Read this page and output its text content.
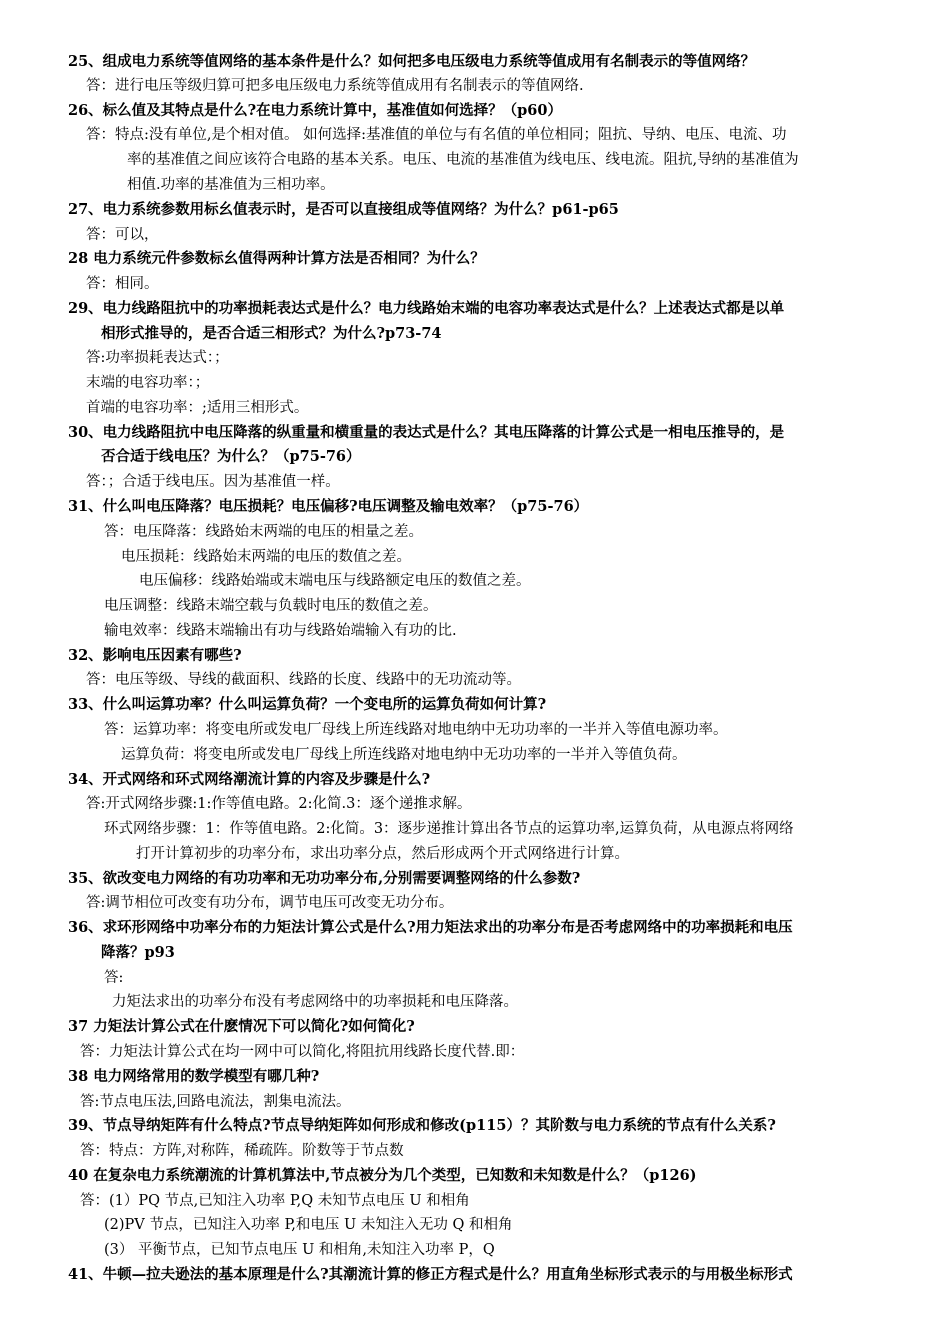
25、组成电力系统等值网络的基本条件是什么？如何把多电压级电力系统等值成用有名制表示的等值网络？
答：进行电压等级归算可把多电压级电力系统等值成用有名制表示的等值网络.
26、标么值及其特点是什么?在电力系统计算中，基准值如何选择？（p60）
答：特点:没有单位,是个相对值。 如何选择:基准值的单位与有名值的单位相同；阻抗、导纳、电压、电流、功
率的基准值之间应该符合电路的基本关系。电压、电流的基准值为线电压、线电流。阻抗,导纳的基准值为
相值.功率的基准值为三相功率。
27、电力系统参数用标幺值表示时，是否可以直接组成等值网络？为什么？p61-p65
答：可以，
28 电力系统元件参数标幺值得两种计算方法是否相同？为什么？
答：相同。
29、电力线路阻抗中的功率损耗表达式是什么？电力线路始末端的电容功率表达式是什么？上述表达式都是以单
相形式推导的，是否合适三相形式？为什么?p73-74
答:功率损耗表达式：；
末端的电容功率：；
首端的电容功率：;适用三相形式。
30、电力线路阻抗中电压降落的纵重量和横重量的表达式是什么？其电压降落的计算公式是一相电压推导的，是
否合适于线电压？为什么？（p75-76）
答：；合适于线电压。因为基准值一样。
31、什么叫电压降落？电压损耗？电压偏移?电压调整及输电效率？（p75-76）
答：电压降落：线路始末两端的电压的相量之差。
电压损耗：线路始末两端的电压的数值之差。
电压偏移：线路始端或末端电压与线路额定电压的数值之差。
电压调整：线路末端空载与负载时电压的数值之差。
输电效率：线路末端输出有功与线路始端输入有功的比.
32、影响电压因素有哪些?
答：电压等级、导线的截面积、线路的长度、线路中的无功流动等。
33、什么叫运算功率？什么叫运算负荷？一个变电所的运算负荷如何计算?
答：运算功率：将变电所或发电厂母线上所连线路对地电纳中无功功率的一半并入等值电源功率。
运算负荷：将变电所或发电厂母线上所连线路对地电纳中无功功率的一半并入等值负荷。
34、开式网络和环式网络潮流计算的内容及步骤是什么?
答:开式网络步骤:1:作等值电路。2:化简.3：逐个递推求解。
环式网络步骤：1：作等值电路。2:化简。3：逐步递推计算出各节点的运算功率,运算负荷，从电源点将网络
打开计算初步的功率分布，求出功率分点，然后形成两个开式网络进行计算。
35、欲改变电力网络的有功功率和无功功率分布,分别需要调整网络的什么参数?
答:调节相位可改变有功分布，调节电压可改变无功分布。
36、求环形网络中功率分布的力矩法计算公式是什么?用力矩法求出的功率分布是否考虑网络中的功率损耗和电压
降落？p93
答:
力矩法求出的功率分布没有考虑网络中的功率损耗和电压降落。
37 力矩法计算公式在什麽情况下可以简化?如何简化?
答：力矩法计算公式在均一网中可以简化,将阻抗用线路长度代替.即：
38 电力网络常用的数学模型有哪几种?
答:节点电压法,回路电流法，割集电流法。
39、节点导纳矩阵有什么特点?节点导纳矩阵如何形成和修改(p115）？其阶数与电力系统的节点有什么关系?
答：特点：方阵,对称阵，稀疏阵。阶数等于节点数
40 在复杂电力系统潮流的计算机算法中,节点被分为几个类型，已知数和未知数是什么？（p126)
答：(1）PQ 节点,已知注入功率 P,Q 未知节点电压 U 和相角
(2)PV 节点，已知注入功率 P,和电压 U 未知注入无功 Q 和相角
(3） 平衡节点，已知节点电压 U 和相角,未知注入功率 P，Q
41、牛顿—拉夫逊法的基本原理是什么?其潮流计算的修正方程式是什么？用直角坐标形式表示的与用极坐标形式
